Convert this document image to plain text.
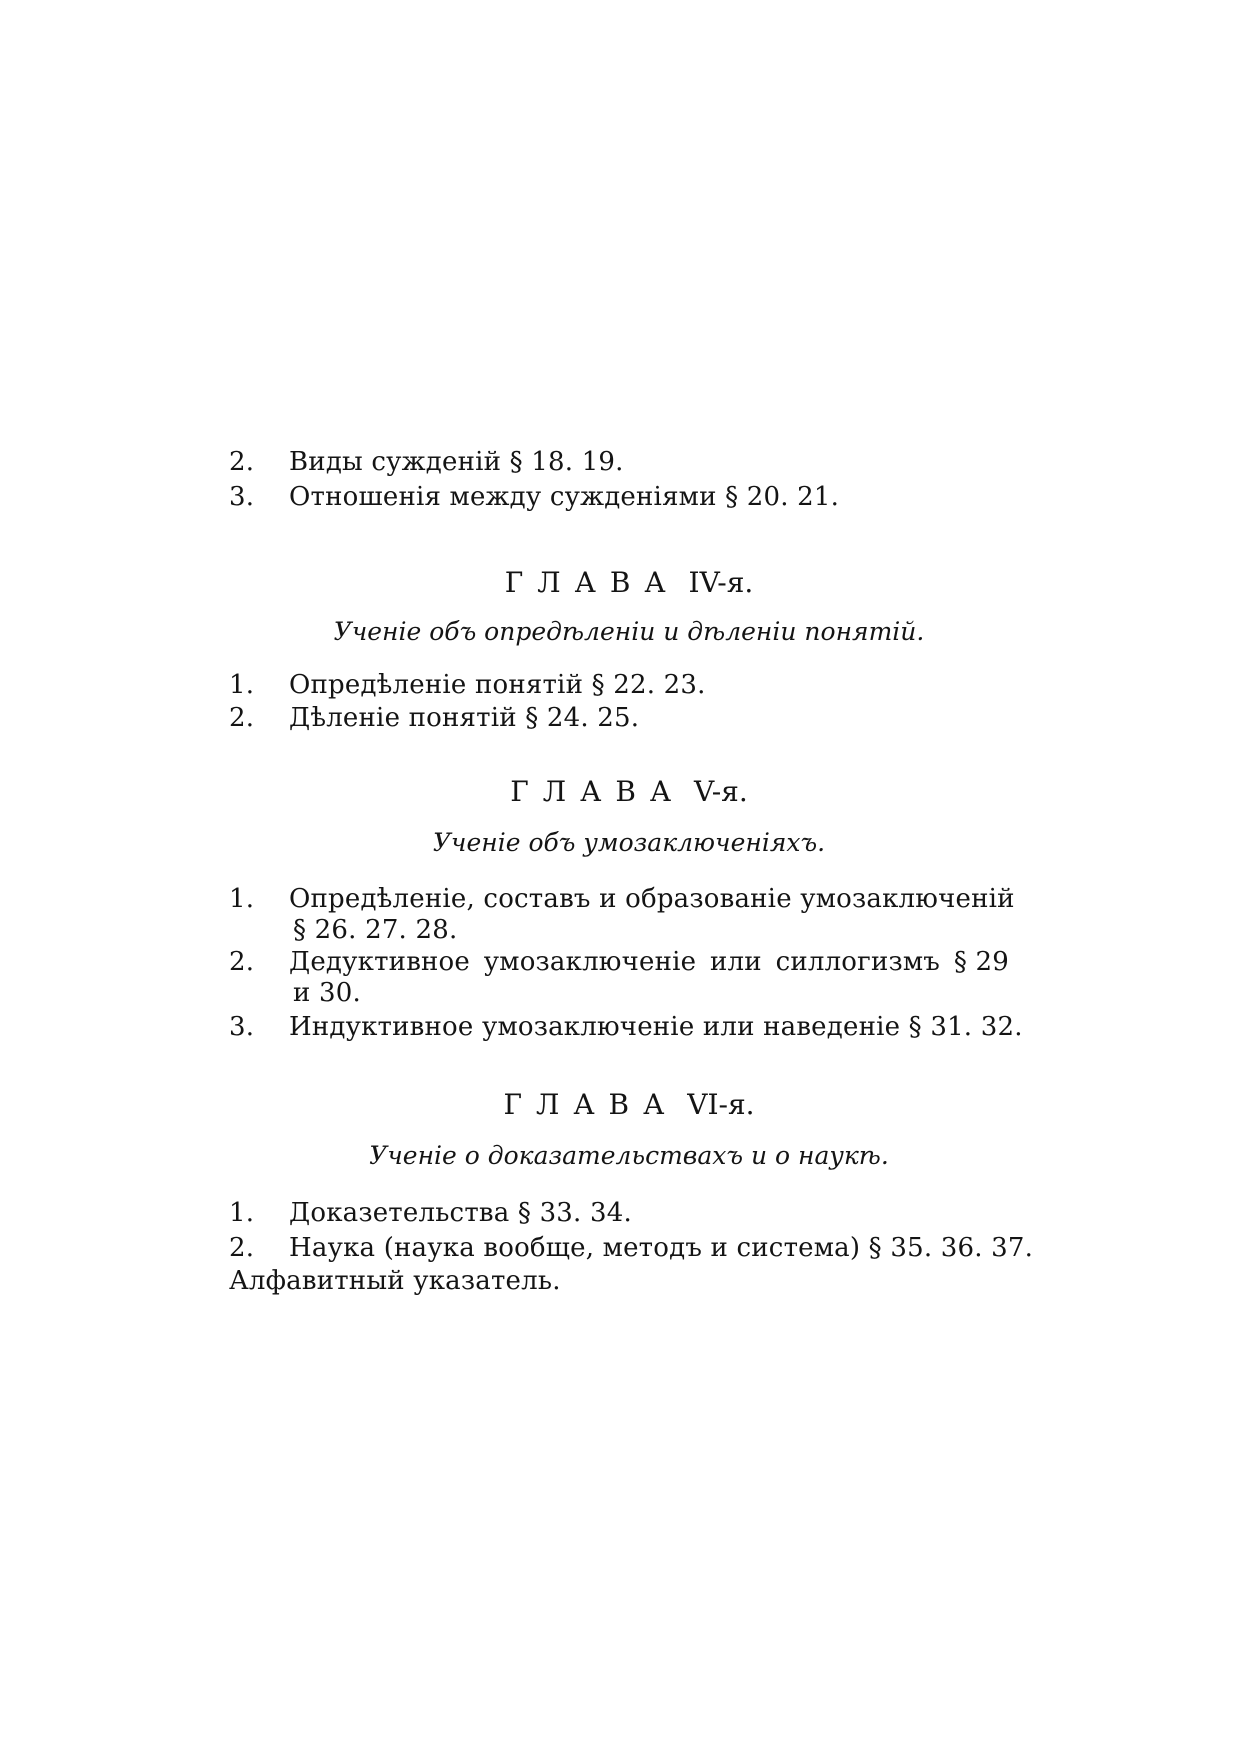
2. Виды сужденій § 18. 19.
3. Отношенія между сужденіями § 20. 21.
ГЛАВА IV-я.
Ученіе объ опредѣленіи и дѣленіи понятій.
1. Опредѣленіе понятій § 22. 23.
2. Дѣленіе понятій § 24. 25.
ГЛАВА V-я.
Ученіе объ умозаключеніяхъ.
1. Опредѣленіе, составъ и образованіе умозаключеній
§ 26. 27. 28.
2. Дедуктивное умозаключеніе или силлогизмъ § 29
и 30.
3. Индуктивное умозаключеніе или наведеніе § 31. 32.
ГЛАВА VI-я.
Ученіе о доказательствахъ и о наукѣ.
1. Доказетельства § 33. 34.
2. Наука (наука вообще, методъ и система) § 35. 36. 37.
Алфавитный указатель.
